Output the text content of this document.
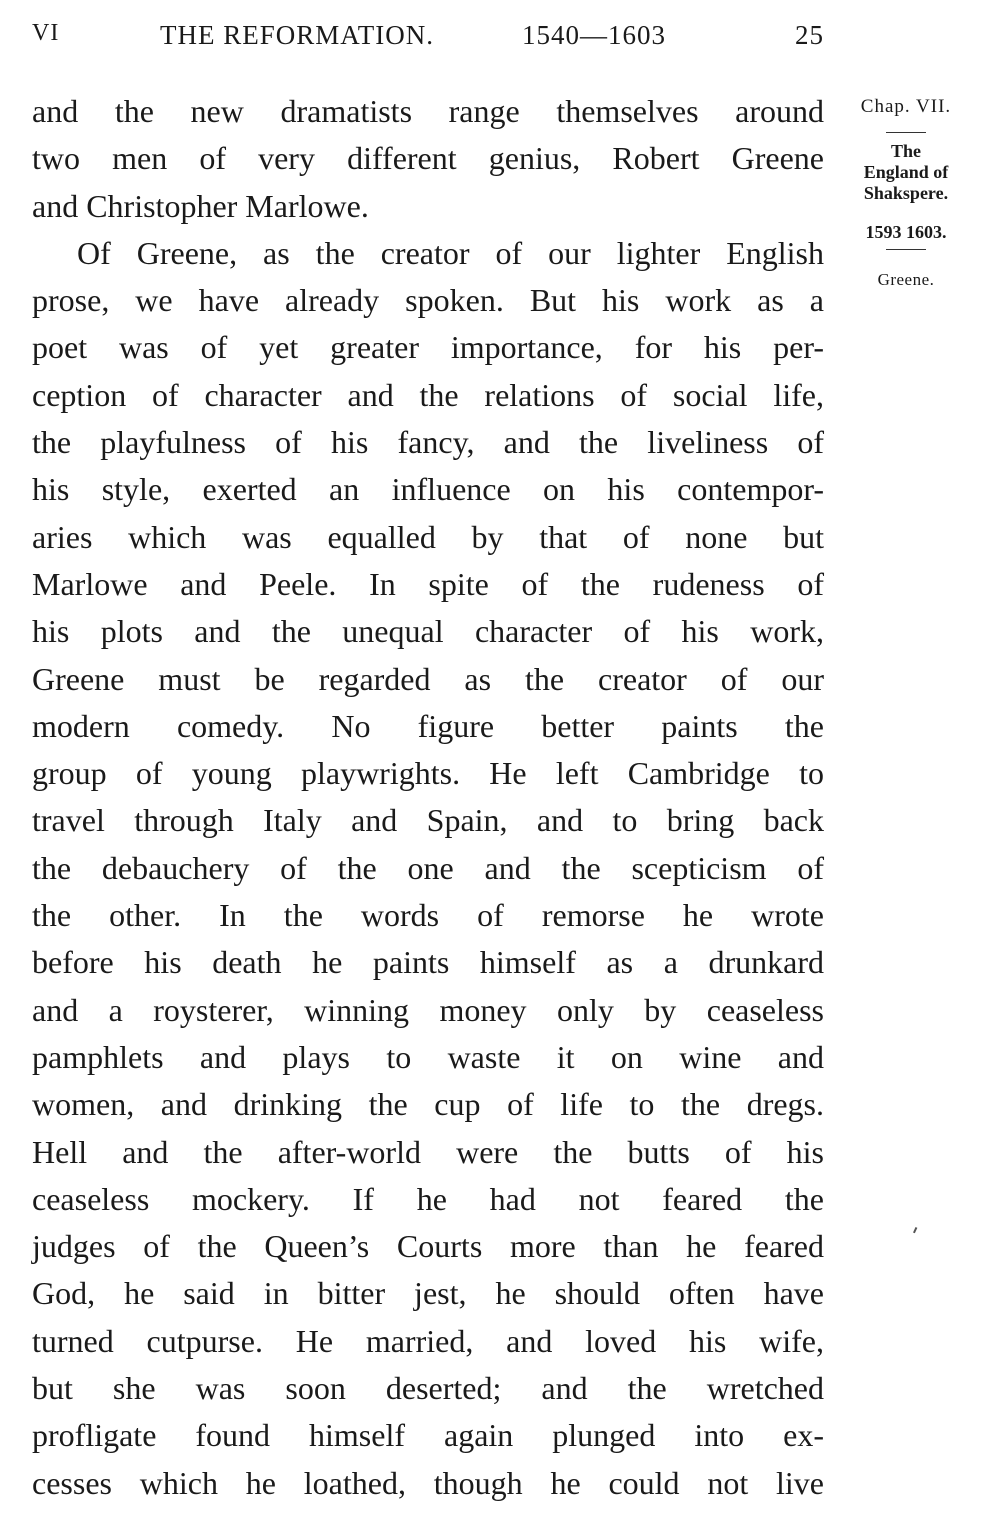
VI	THE REFORMATION.	1540—1603	25
and the new dramatists range themselves around
two men of very different genius, Robert Greene
and Christopher Marlowe.
Of Greene, as the creator of our lighter English
prose, we have already spoken. But his work as a
poet was of yet greater importance, for his per-
ception of character and the relations of social life,
the playfulness of his fancy, and the liveliness of
his style, exerted an influence on his contempor-
aries which was equalled by that of none but
Marlowe and Peele. In spite of the rudeness of
his plots and the unequal character of his work,
Greene must be regarded as the creator of our
modern comedy. No figure better paints the
group of young playwrights. He left Cambridge to
travel through Italy and Spain, and to bring back
the debauchery of the one and the scepticism of
the other. In the words of remorse he wrote
before his death he paints himself as a drunkard
and a roysterer, winning money only by ceaseless
pamphlets and plays to waste it on wine and
women, and drinking the cup of life to the dregs.
Hell and the after-world were the butts of his
ceaseless mockery. If he had not feared the
judges of the Queen’s Courts more than he feared
God, he said in bitter jest, he should often have
turned cutpurse. He married, and loved his wife,
but she was soon deserted; and the wretched
profligate found himself again plunged into ex-
cesses which he loathed, though he could not live
Chap. VII.
The
England of
Shakspere.
1593 1603.
Greene.
